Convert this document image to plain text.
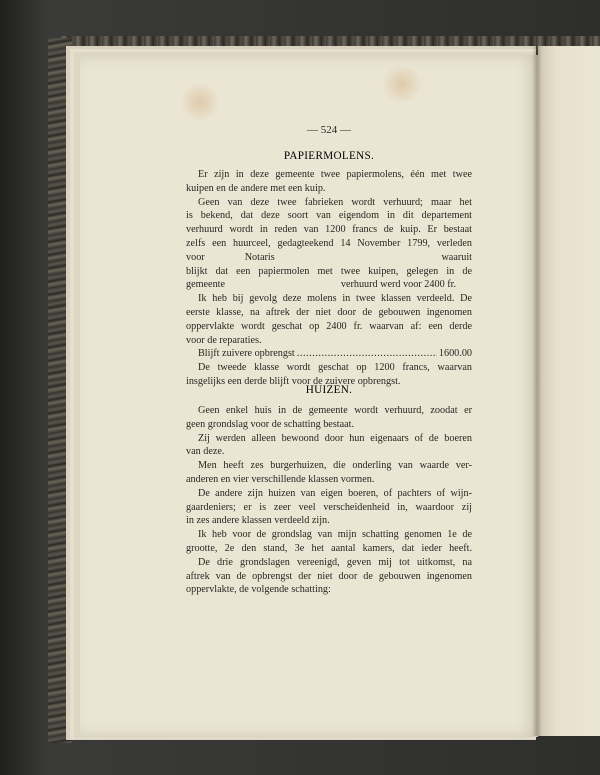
— 524 —

PAPIERMOLENS.

Er zijn in deze gemeente twee papiermolens, één met twee
kuipen en de andere met een kuip.
Geen van deze twee fabrieken wordt verhuurd; maar het
is bekend, dat deze soort van eigendom in dit departement
verhuurd wordt in reden van 1200 francs de kuip. Er bestaat
zelfs een huurceel, gedagteekend 14 November 1799, verleden
voor	Notaris	waaruit
blijkt dat een papiermolen met twee kuipen, gelegen in de
gemeente	verhuurd werd voor 2400 fr.
Ik heb bij gevolg deze molens in twee klassen verdeeld. De
eerste klasse, na aftrek der niet door de gebouwen ingenomen
oppervlakte wordt geschat op 2400 fr. waarvan af: een derde
voor de reparaties.
Blijft zuivere opbrengst
. . .	1600.00
De tweede klasse wordt geschat op 1200 francs, waarvan
insgelijks een derde blijft voor de zuivere opbrengst.

HUIZEN.

Geen enkel huis in de gemeente wordt verhuurd, zoodat er
geen grondslag voor de schatting bestaat.
Zij werden alleen bewoond door hun eigenaars of de boeren
van deze.
Men heeft zes burgerhuizen, die onderling van waarde ver-
anderen en vier verschillende klassen vormen.
De andere zijn huizen van eigen boeren, of pachters of wijn-
gaardeniers; er is zeer veel verscheidenheid in, waardoor zij
in zes andere klassen verdeeld zijn.
Ik heb voor de grondslag van mijn schatting genomen 1e de
grootte, 2e den stand, 3e het aantal kamers, dat ieder heeft.
De drie grondslagen vereenigd, geven mij tot uitkomst, na
aftrek van de opbrengst der niet door de gebouwen ingenomen
oppervlakte, de volgende schatting:
